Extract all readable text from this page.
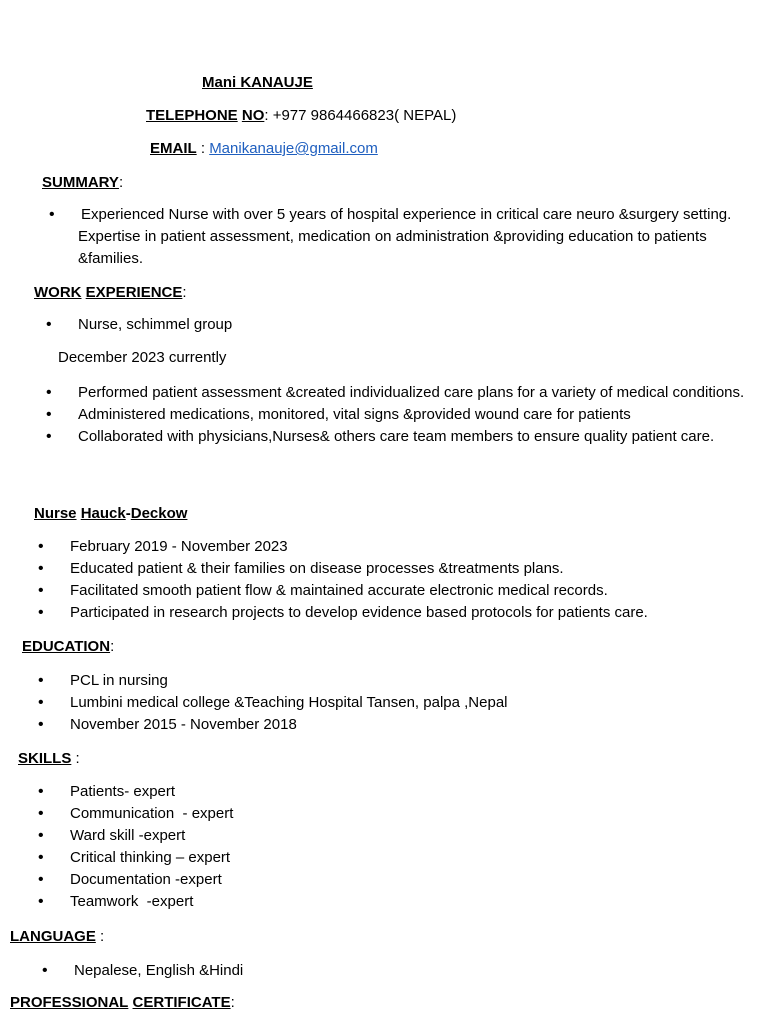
Mani KANAUJE
TELEPHONE NO: +977 9864466823( NEPAL)
EMAIL : Manikanauje@gmail.com
SUMMARY:
• Experienced Nurse with over 5 years of hospital experience in critical care neuro &surgery setting. Expertise in patient assessment, medication on administration &providing education to patients &families.
WORK EXPERIENCE:
• Nurse, schimmel group
December 2023 currently
• Performed patient assessment &created individualized care plans for a variety of medical conditions.
• Administered medications, monitored, vital signs &provided wound care for patients
• Collaborated with physicians,Nurses& others care team members to ensure quality patient care.
Nurse Hauck-Deckow
• February 2019 - November 2023
• Educated patient & their families on disease processes &treatments plans.
• Facilitated smooth patient flow & maintained accurate electronic medical records.
• Participated in research projects to develop evidence based protocols for patients care.
EDUCATION:
• PCL in nursing
• Lumbini medical college &Teaching Hospital Tansen, palpa ,Nepal
• November 2015 - November 2018
SKILLS :
• Patients- expert
• Communication  - expert
• Ward skill -expert
• Critical thinking – expert
• Documentation -expert
• Teamwork  -expert
LANGUAGE :
• Nepalese, English &Hindi
PROFESSIONAL CERTIFICATE:
